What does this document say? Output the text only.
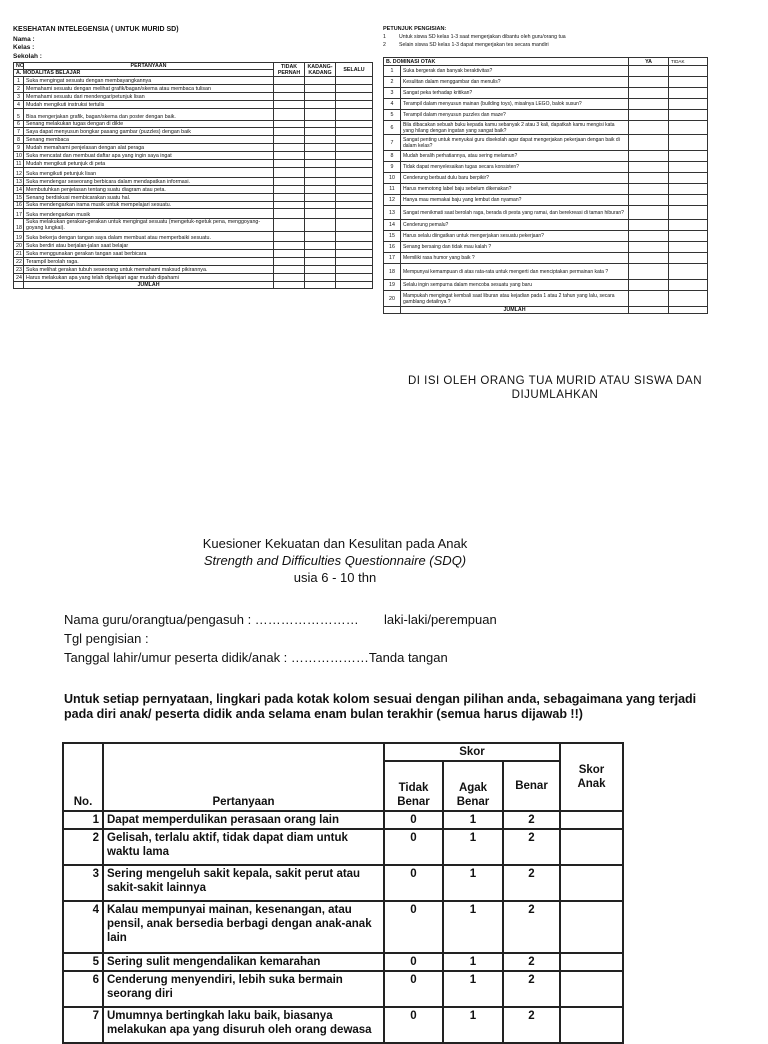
KESEHATAN INTELEGENSIA ( UNTUK MURID SD)
Nama :
Kelas :
Sekolah :
NO	PERTANYAAN	TIDAK PERNAH	KADANG-KADANG	SELALU
A. MODALITAS BELAJAR				
1	Suka mengingat sesuatu dengan membayangkannya			
2	Memahami sesuatu dengan melihat grafik/bagan/skema atau membaca tulisan			
3	Memahami sesuatu dari mendengar/petunjuk lisan			
4	Mudah mengikuti instruksi tertulis			
5	Bisa mengerjakan grafik, bagan/skema dan poster dengan baik.			
6	Senang melakukan tugas dengan di dikte			
7	Saya dapat menyusun bongkar pasang gambar (puzzles) dengan baik			
8	Senang membaca			
9	Mudah memahami penjelasan dengan alat peraga			
10	Suka mencatat dan membuat daftar apa yang ingin saya ingat			
11	Mudah mengikuti petunjuk di peta			
12	Suka mengikuti petunjuk lisan			
13	Suka mendengar seseorang berbicara dalam mendapatkan informasi.			
14	Membutuhkan penjelasan tentang suatu diagram atau peta.			
15	Senang berdiskusi membicarakan suatu hal.			
16	Suka mendengarkan irama musik untuk mempelajari sesuatu.			
17	Suka mendengarkan musik			
18	Suka melakukan gerakan-gerakan untuk mengingat sesuatu (mengetuk-ngetuk pena, menggoyang-goyang lungkai).			
19	Suka bekerja dengan tangan saya dalam membuat atau memperbaiki sesuatu.			
20	Suka berdiri atau berjalan-jalan saat belajar			
21	Suka menggunakan gerakan tangan saat berbicara			
22	Terampil berolah raga.			
23	Suka melihat gerakan tubuh seseorang untuk memahami maksud pikirannya.			
24	Harus melakukan apa yang telah dipelajari agar mudah dipahami			
	JUMLAH			
PETUNJUK PENGISIAN:
1	Untuk siswa SD kelas 1-3 saat mengerjakan dibantu oleh guru/orang tua
2	Selain siswa SD kelas 1-3 dapat mengerjakan tes secara mandiri
B. DOMINASI OTAK		YA	TIDAK
1	Suka bergerak dan banyak beraktivitas?		
2	Kesulitan dalam menggambar dan menulis?		
3	Sangat peka terhadap kritikan?		
4	Terampil dalam menyusun mainan (building toys), misalnya LEGO, balok susun?		
5	Terampil dalam menyusun puzzles dan maze?		
6	Bila dibacakan sebuah buku kepada kamu sebanyak 2 atau 3 kali, dapatkah kamu mengisi kata yang hilang dengan ingatan yang sangat baik?		
7	Sangat penting untuk menyukai guru disekolah agar dapat mengerjakan pekerjaan dengan baik di dalam kelas?		
8	Mudah beralih perhatiannya, atau sering melamun?		
9	Tidak dapat menyelesaikan tugas secara konsisten?		
10	Cenderung berbuat dulu baru berpikir?		
11	Harus memotong label baju sebelum dikenakan?		
12	Hanya mau memakai baju yang lembut dan nyaman?		
13	Sangat menikmati saat berolah raga, berada di pesta yang ramai, dan berekreasi di taman hiburan?		
14	Cenderung pemalu?		
15	Harus selalu diingatkan untuk mengerjakan sesuatu pekerjaan?		
16	Senang bersaing dan tidak mau kalah ?		
17	Memiliki rasa humor yang baik ?		
18	Mempunyai kemampuan di atas rata-rata untuk mengerti dan menciptakan permainan kata ?		
19	Selalu ingin sempurna dalam mencoba sesuatu yang baru		
20	Mampukah mengingat kembali saat liburan atau kejadian pada 1 atau 2 tahun yang lalu, secara gamblang detailnya ?		
	JUMLAH		
DI ISI OLEH ORANG TUA MURID ATAU SISWA DAN DIJUMLAHKAN
Kuesioner Kekuatan dan Kesulitan pada Anak
Strength and Difficulties Questionnaire (SDQ)
usia 6 - 10 thn
Nama guru/orangtua/pengasuh : ……………………	laki-laki/perempuan
Tgl pengisian :
Tanggal lahir/umur peserta didik/anak : ……………… Tanda tangan
Untuk setiap pernyataan, lingkari pada kotak kolom sesuai dengan pilihan anda, sebagaimana yang terjadi pada diri anak/ peserta didik anda selama enam bulan terakhir (semua harus dijawab !!)
No.	Pertanyaan	Skor			Skor Anak
		Tidak Benar	Agak Benar	Benar	
1	Dapat memperdulikan perasaan orang lain	0	1	2	
2	Gelisah, terlalu aktif, tidak dapat diam untuk waktu lama	0	1	2	
3	Sering mengeluh sakit kepala, sakit perut atau sakit-sakit lainnya	0	1	2	
4	Kalau mempunyai mainan, kesenangan, atau pensil, anak bersedia berbagi dengan anak-anak lain	0	1	2	
5	Sering sulit mengendalikan kemarahan	0	1	2	
6	Cenderung menyendiri, lebih suka bermain seorang diri	0	1	2	
7	Umumnya bertingkah laku baik, biasanya melakukan apa yang disuruh oleh orang dewasa	0	1	2	
